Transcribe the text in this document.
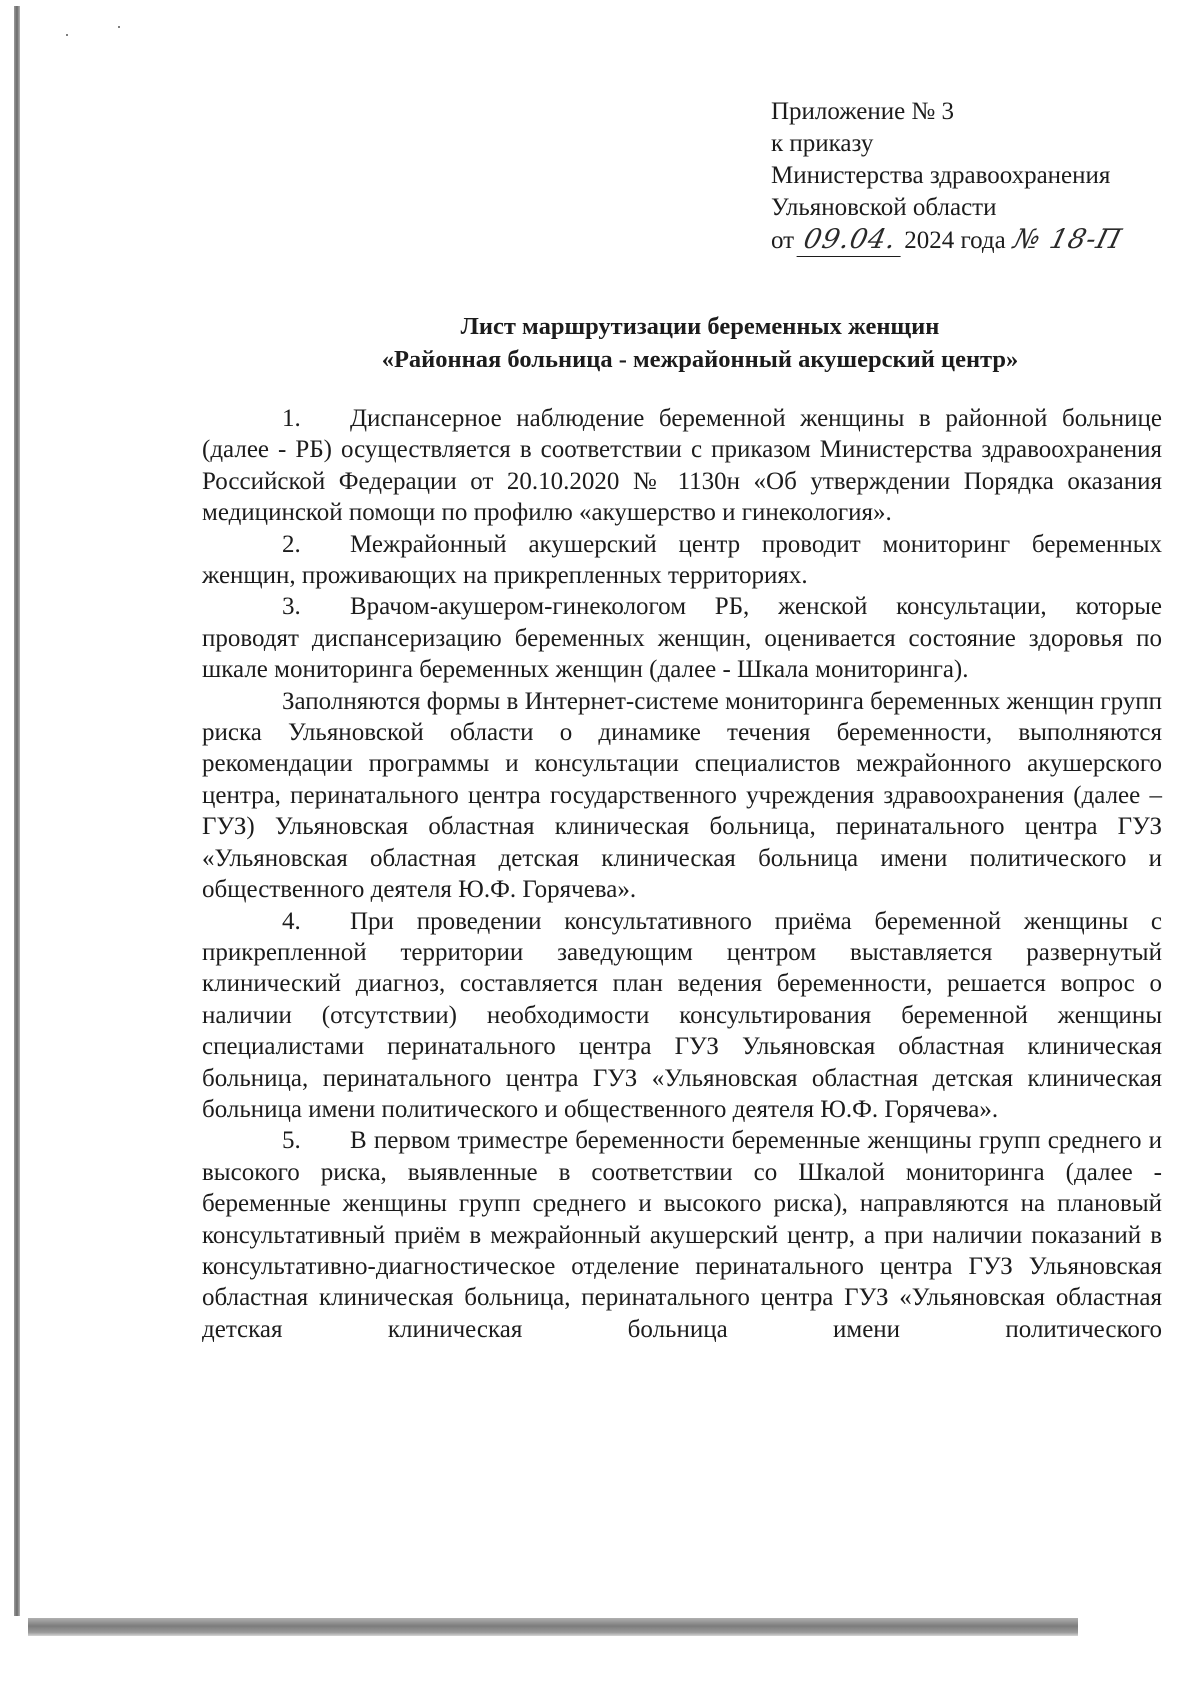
Приложение № 3
к приказу
Министерства здравоохранения
Ульяновской области
от 09.04. 2024 года № 18-П
Лист маршрутизации беременных женщин
«Районная больница - межрайонный акушерский центр»

1. Диспансерное наблюдение беременной женщины в районной больнице (далее - РБ) осуществляется в соответствии с приказом Министерства здравоохранения Российской Федерации от 20.10.2020 № 1130н «Об утверждении Порядка оказания медицинской помощи по профилю «акушерство и гинекология».

2. Межрайонный акушерский центр проводит мониторинг беременных женщин, проживающих на прикрепленных территориях.

3. Врачом-акушером-гинекологом РБ, женской консультации, которые проводят диспансеризацию беременных женщин, оценивается состояние здоровья по шкале мониторинга беременных женщин (далее - Шкала мониторинга).

Заполняются формы в Интернет-системе мониторинга беременных женщин групп риска Ульяновской области о динамике течения беременности, выполняются рекомендации программы и консультации специалистов межрайонного акушерского центра, перинатального центра государственного учреждения здравоохранения (далее – ГУЗ) Ульяновская областная клиническая больница, перинатального центра ГУЗ «Ульяновская областная детская клиническая больница имени политического и общественного деятеля Ю.Ф. Горячева».

4. При проведении консультативного приёма беременной женщины с прикрепленной территории заведующим центром выставляется развернутый клинический диагноз, составляется план ведения беременности, решается вопрос о наличии (отсутствии) необходимости консультирования беременной женщины специалистами перинатального центра ГУЗ Ульяновская областная клиническая больница, перинатального центра ГУЗ «Ульяновская областная детская клиническая больница имени политического и общественного деятеля Ю.Ф. Горячева».

5. В первом триместре беременности беременные женщины групп среднего и высокого риска, выявленные в соответствии со Шкалой мониторинга (далее - беременные женщины групп среднего и высокого риска), направляются на плановый консультативный приём в межрайонный акушерский центр, а при наличии показаний в консультативно-диагностическое отделение перинатального центра ГУЗ Ульяновская областная клиническая больница, перинатального центра ГУЗ «Ульяновская областная детская клиническая больница имени политического
